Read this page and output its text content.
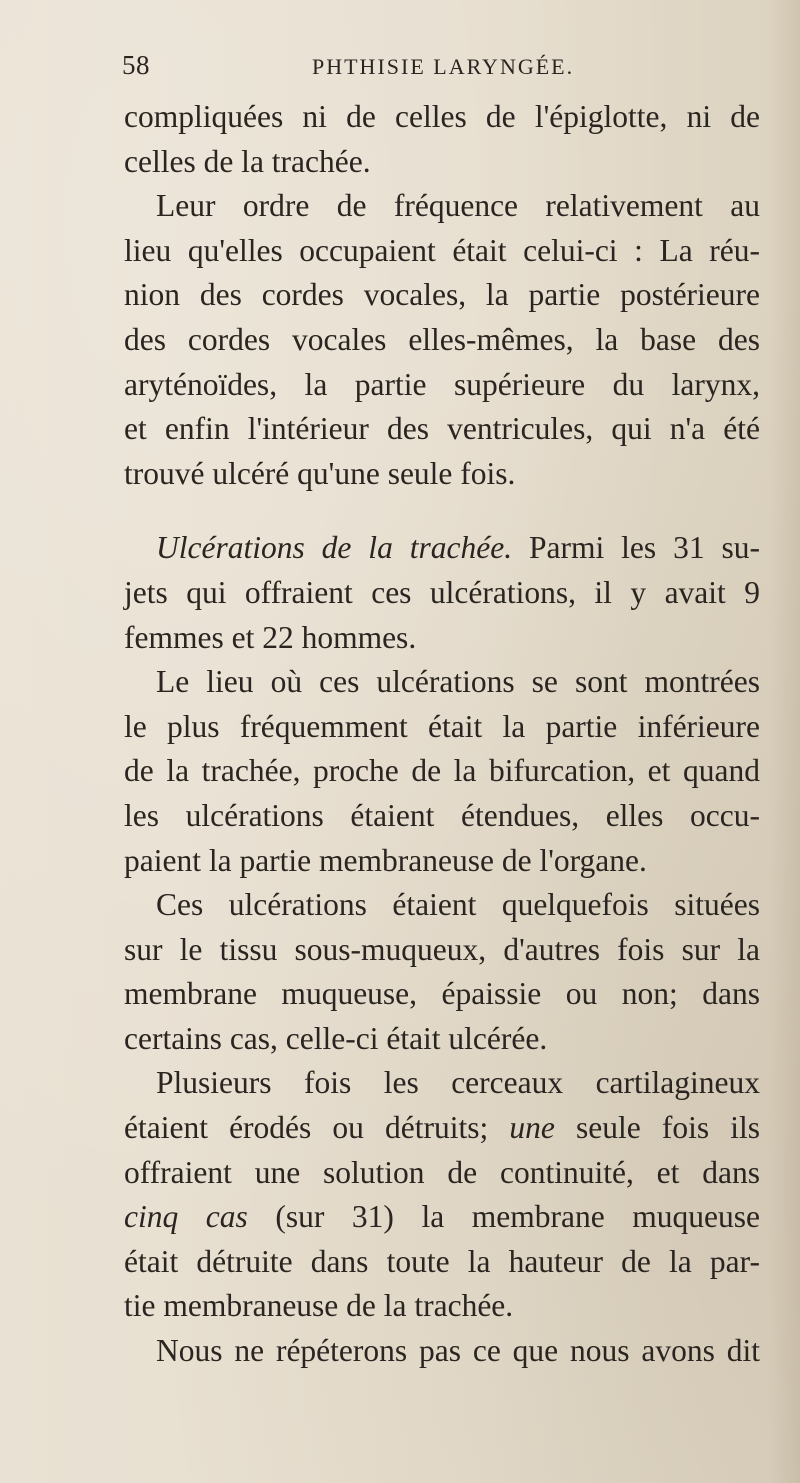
58	PHTHISIE LARYNGÉE.
compliquées ni de celles de l'épiglotte, ni de
celles de la trachée.
Leur ordre de fréquence relativement au
lieu qu'elles occupaient était celui-ci : La réu-
nion des cordes vocales, la partie postérieure
des cordes vocales elles-mêmes, la base des
aryténoïdes, la partie supérieure du larynx,
et enfin l'intérieur des ventricules, qui n'a été
trouvé ulcéré qu'une seule fois.
Ulcérations de la trachée. Parmi les 31 su-
jets qui offraient ces ulcérations, il y avait 9
femmes et 22 hommes.
Le lieu où ces ulcérations se sont montrées
le plus fréquemment était la partie inférieure
de la trachée, proche de la bifurcation, et quand
les ulcérations étaient étendues, elles occu-
paient la partie membraneuse de l'organe.
Ces ulcérations étaient quelquefois situées
sur le tissu sous-muqueux, d'autres fois sur la
membrane muqueuse, épaissie ou non; dans
certains cas, celle-ci était ulcérée.
Plusieurs fois les cerceaux cartilagineux
étaient érodés ou détruits; une seule fois ils
offraient une solution de continuité, et dans
cinq cas (sur 31) la membrane muqueuse
était détruite dans toute la hauteur de la par-
tie membraneuse de la trachée.
Nous ne répéterons pas ce que nous avons dit
